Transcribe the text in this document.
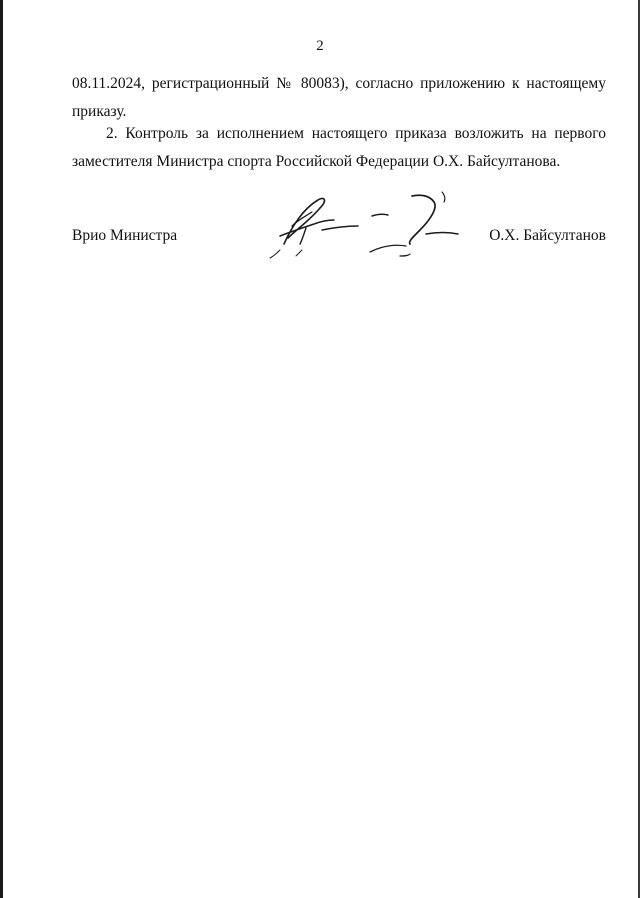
2
08.11.2024, регистрационный № 80083), согласно приложению к настоящему
приказу.
2. Контроль за исполнением настоящего приказа возложить на первого
заместителя Министра спорта Российской Федерации О.Х. Байсултанова.
Врио Министра	О.Х. Байсултанов
